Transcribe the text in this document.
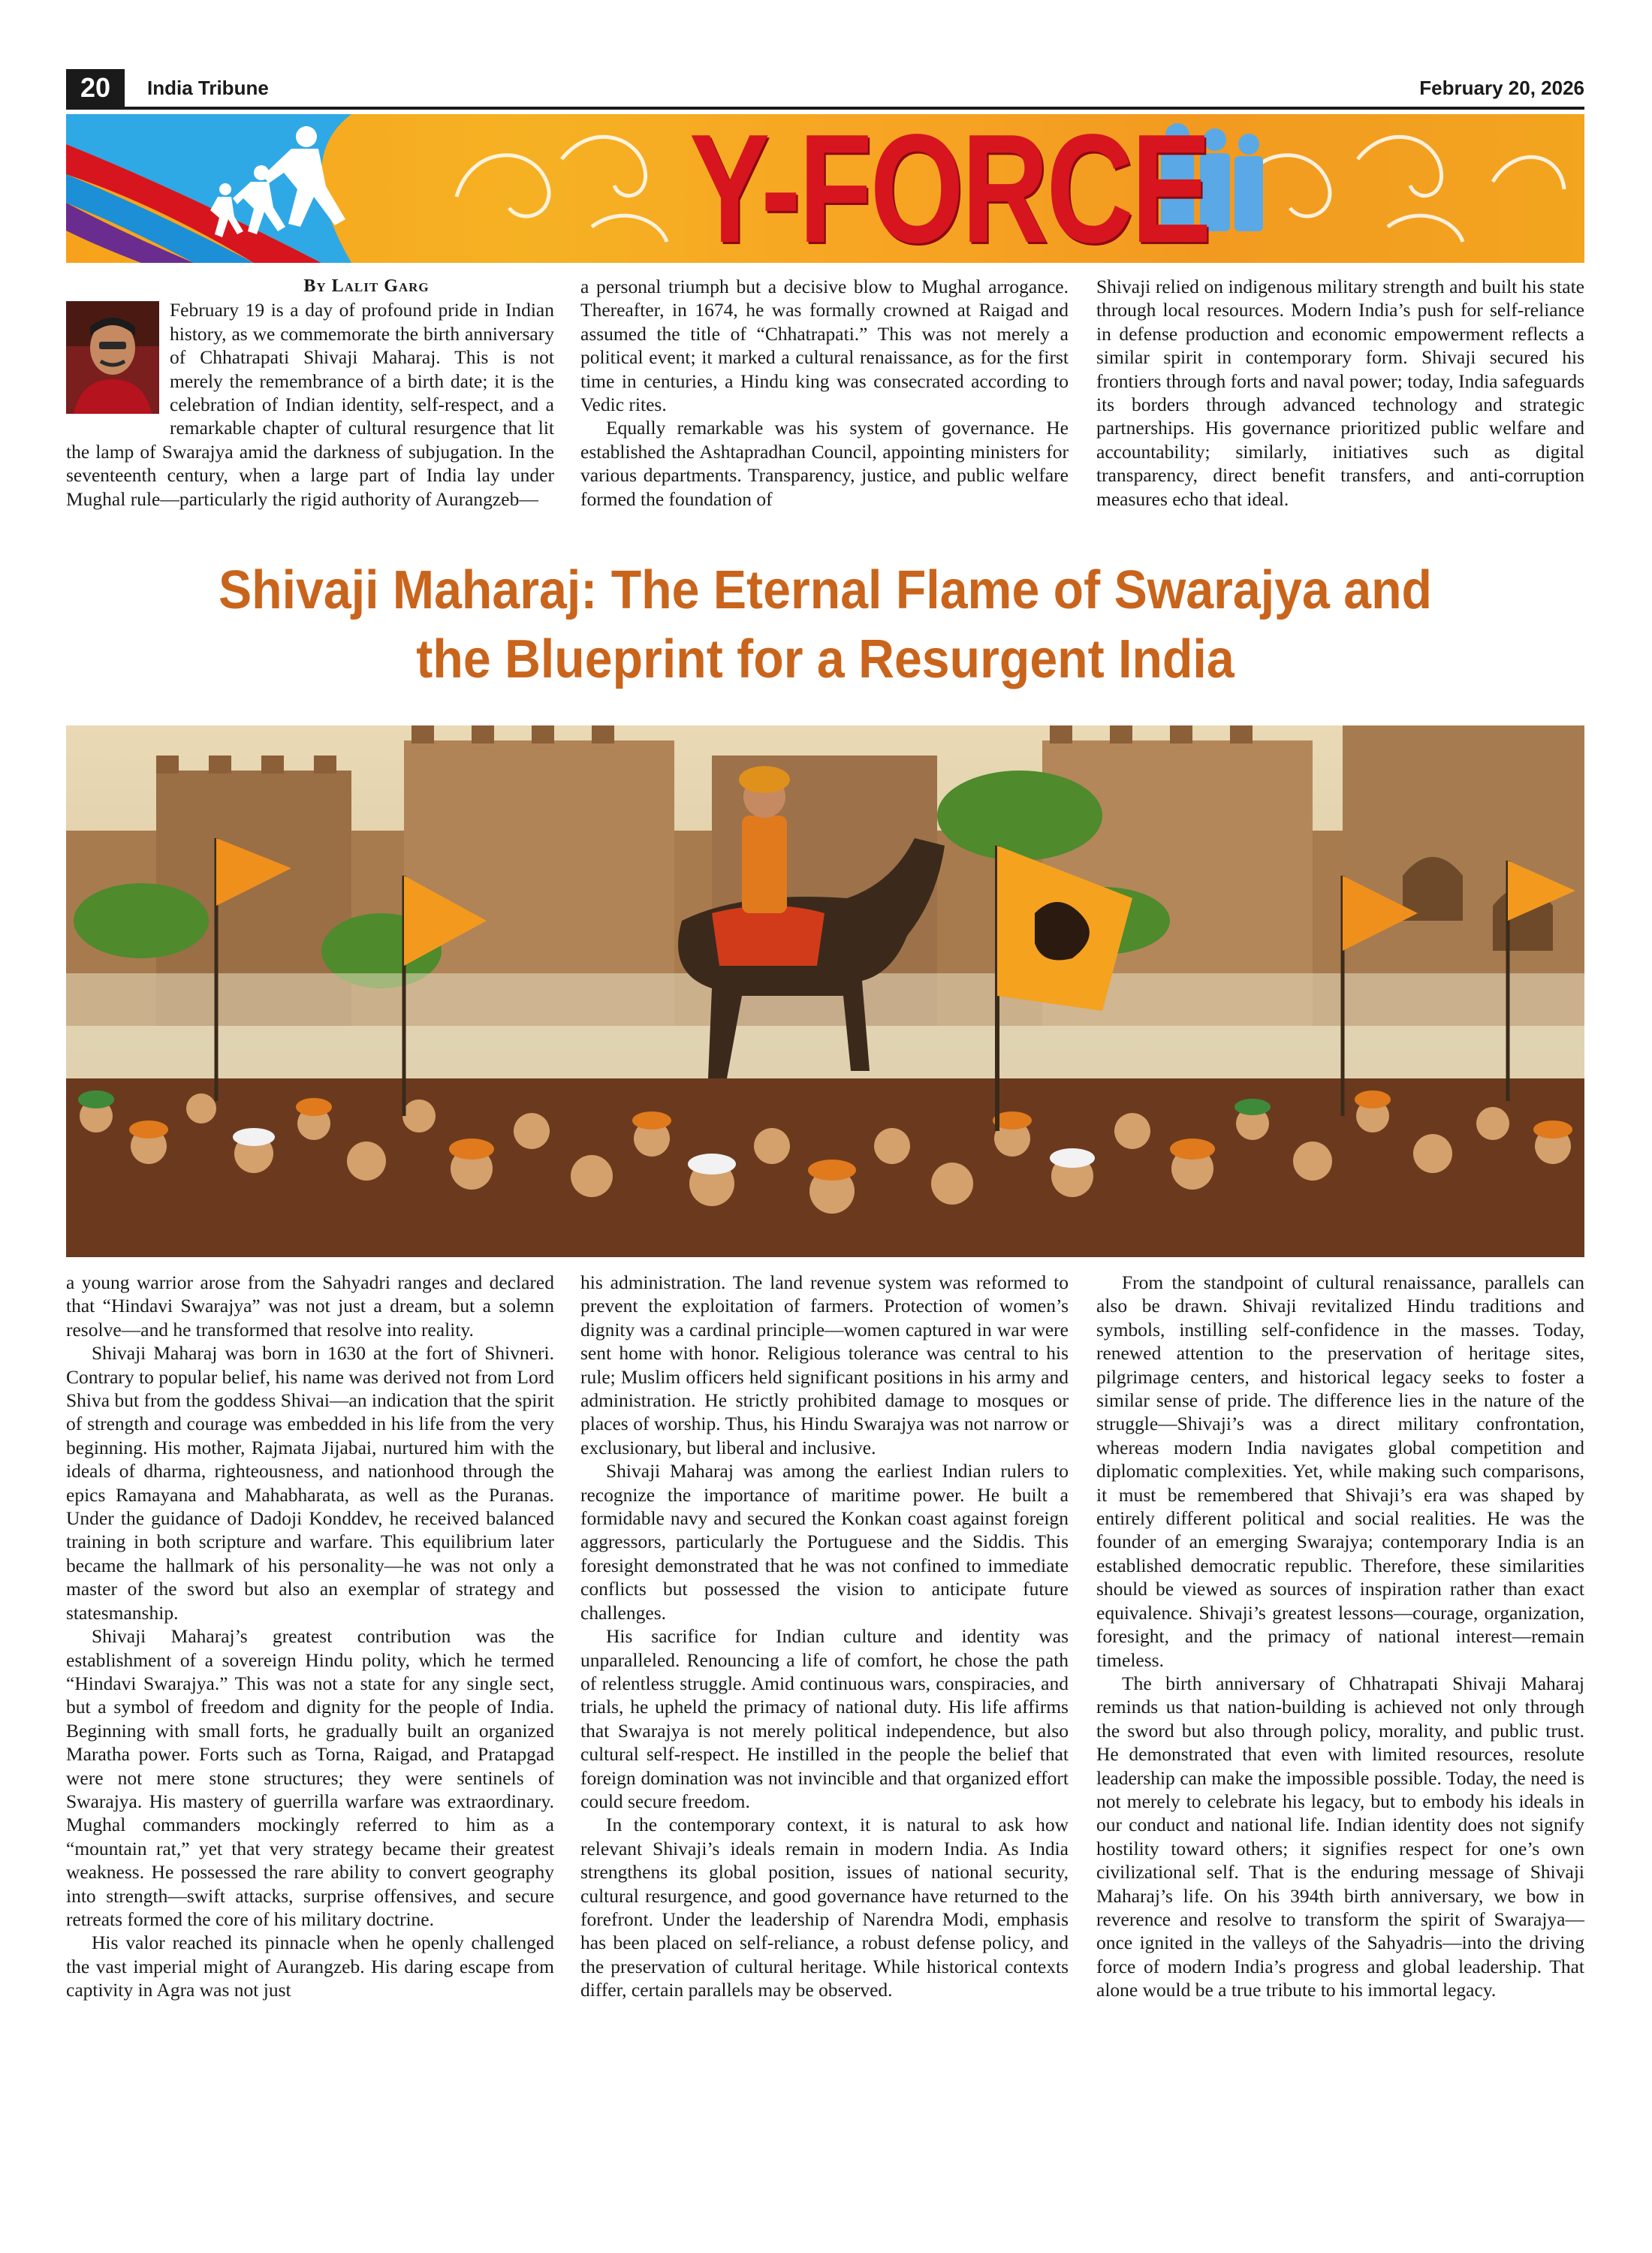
20	India Tribune	February 20, 2026
Y-FORCE
By Lalit Garg

February 19 is a day of profound pride in Indian history, as we commemorate the birth anniversary of Chhatrapati Shivaji Maharaj. This is not merely the remembrance of a birth date; it is the celebration of Indian identity, self-respect, and a remarkable chapter of cultural resurgence that lit the lamp of Swarajya amid the darkness of subjugation. In the seventeenth century, when a large part of India lay under Mughal rule—particularly the rigid authority of Aurangzeb—

a personal triumph but a decisive blow to Mughal arrogance. Thereafter, in 1674, he was formally crowned at Raigad and assumed the title of “Chhatrapati.” This was not merely a political event; it marked a cultural renaissance, as for the first time in centuries, a Hindu king was consecrated according to Vedic rites.

Equally remarkable was his system of governance. He established the Ashtapradhan Council, appointing ministers for various departments. Transparency, justice, and public welfare formed the foundation of

Shivaji relied on indigenous military strength and built his state through local resources. Modern India’s push for self-reliance in defense production and economic empowerment reflects a similar spirit in contemporary form. Shivaji secured his frontiers through forts and naval power; today, India safeguards its borders through advanced technology and strategic partnerships. His governance prioritized public welfare and accountability; similarly, initiatives such as digital transparency, direct benefit transfers, and anti-corruption measures echo that ideal.

Shivaji Maharaj: The Eternal Flame of Swarajya and
the Blueprint for a Resurgent India

a young warrior arose from the Sahyadri ranges and declared that “Hindavi Swarajya” was not just a dream, but a solemn resolve—and he transformed that resolve into reality.

Shivaji Maharaj was born in 1630 at the fort of Shivneri. Contrary to popular belief, his name was derived not from Lord Shiva but from the goddess Shivai—an indication that the spirit of strength and courage was embedded in his life from the very beginning. His mother, Rajmata Jijabai, nurtured him with the ideals of dharma, righteousness, and nationhood through the epics Ramayana and Mahabharata, as well as the Puranas. Under the guidance of Dadoji Konddev, he received balanced training in both scripture and warfare. This equilibrium later became the hallmark of his personality—he was not only a master of the sword but also an exemplar of strategy and statesmanship.

Shivaji Maharaj’s greatest contribution was the establishment of a sovereign Hindu polity, which he termed “Hindavi Swarajya.” This was not a state for any single sect, but a symbol of freedom and dignity for the people of India. Beginning with small forts, he gradually built an organized Maratha power. Forts such as Torna, Raigad, and Pratapgad were not mere stone structures; they were sentinels of Swarajya. His mastery of guerrilla warfare was extraordinary. Mughal commanders mockingly referred to him as a “mountain rat,” yet that very strategy became their greatest weakness. He possessed the rare ability to convert geography into strength—swift attacks, surprise offensives, and secure retreats formed the core of his military doctrine.

His valor reached its pinnacle when he openly challenged the vast imperial might of Aurangzeb. His daring escape from captivity in Agra was not just

his administration. The land revenue system was reformed to prevent the exploitation of farmers. Protection of women’s dignity was a cardinal principle—women captured in war were sent home with honor. Religious tolerance was central to his rule; Muslim officers held significant positions in his army and administration. He strictly prohibited damage to mosques or places of worship. Thus, his Hindu Swarajya was not narrow or exclusionary, but liberal and inclusive.

Shivaji Maharaj was among the earliest Indian rulers to recognize the importance of maritime power. He built a formidable navy and secured the Konkan coast against foreign aggressors, particularly the Portuguese and the Siddis. This foresight demonstrated that he was not confined to immediate conflicts but possessed the vision to anticipate future challenges.

His sacrifice for Indian culture and identity was unparalleled. Renouncing a life of comfort, he chose the path of relentless struggle. Amid continuous wars, conspiracies, and trials, he upheld the primacy of national duty. His life affirms that Swarajya is not merely political independence, but also cultural self-respect. He instilled in the people the belief that foreign domination was not invincible and that organized effort could secure freedom.

In the contemporary context, it is natural to ask how relevant Shivaji’s ideals remain in modern India. As India strengthens its global position, issues of national security, cultural resurgence, and good governance have returned to the forefront. Under the leadership of Narendra Modi, emphasis has been placed on self-reliance, a robust defense policy, and the preservation of cultural heritage. While historical contexts differ, certain parallels may be observed.

From the standpoint of cultural renaissance, parallels can also be drawn. Shivaji revitalized Hindu traditions and symbols, instilling self-confidence in the masses. Today, renewed attention to the preservation of heritage sites, pilgrimage centers, and historical legacy seeks to foster a similar sense of pride. The difference lies in the nature of the struggle—Shivaji’s was a direct military confrontation, whereas modern India navigates global competition and diplomatic complexities. Yet, while making such comparisons, it must be remembered that Shivaji’s era was shaped by entirely different political and social realities. He was the founder of an emerging Swarajya; contemporary India is an established democratic republic. Therefore, these similarities should be viewed as sources of inspiration rather than exact equivalence. Shivaji’s greatest lessons—courage, organization, foresight, and the primacy of national interest—remain timeless.

The birth anniversary of Chhatrapati Shivaji Maharaj reminds us that nation-building is achieved not only through the sword but also through policy, morality, and public trust. He demonstrated that even with limited resources, resolute leadership can make the impossible possible. Today, the need is not merely to celebrate his legacy, but to embody his ideals in our conduct and national life. Indian identity does not signify hostility toward others; it signifies respect for one’s own civilizational self. That is the enduring message of Shivaji Maharaj’s life. On his 394th birth anniversary, we bow in reverence and resolve to transform the spirit of Swarajya—once ignited in the valleys of the Sahyadris—into the driving force of modern India’s progress and global leadership. That alone would be a true tribute to his immortal legacy.
